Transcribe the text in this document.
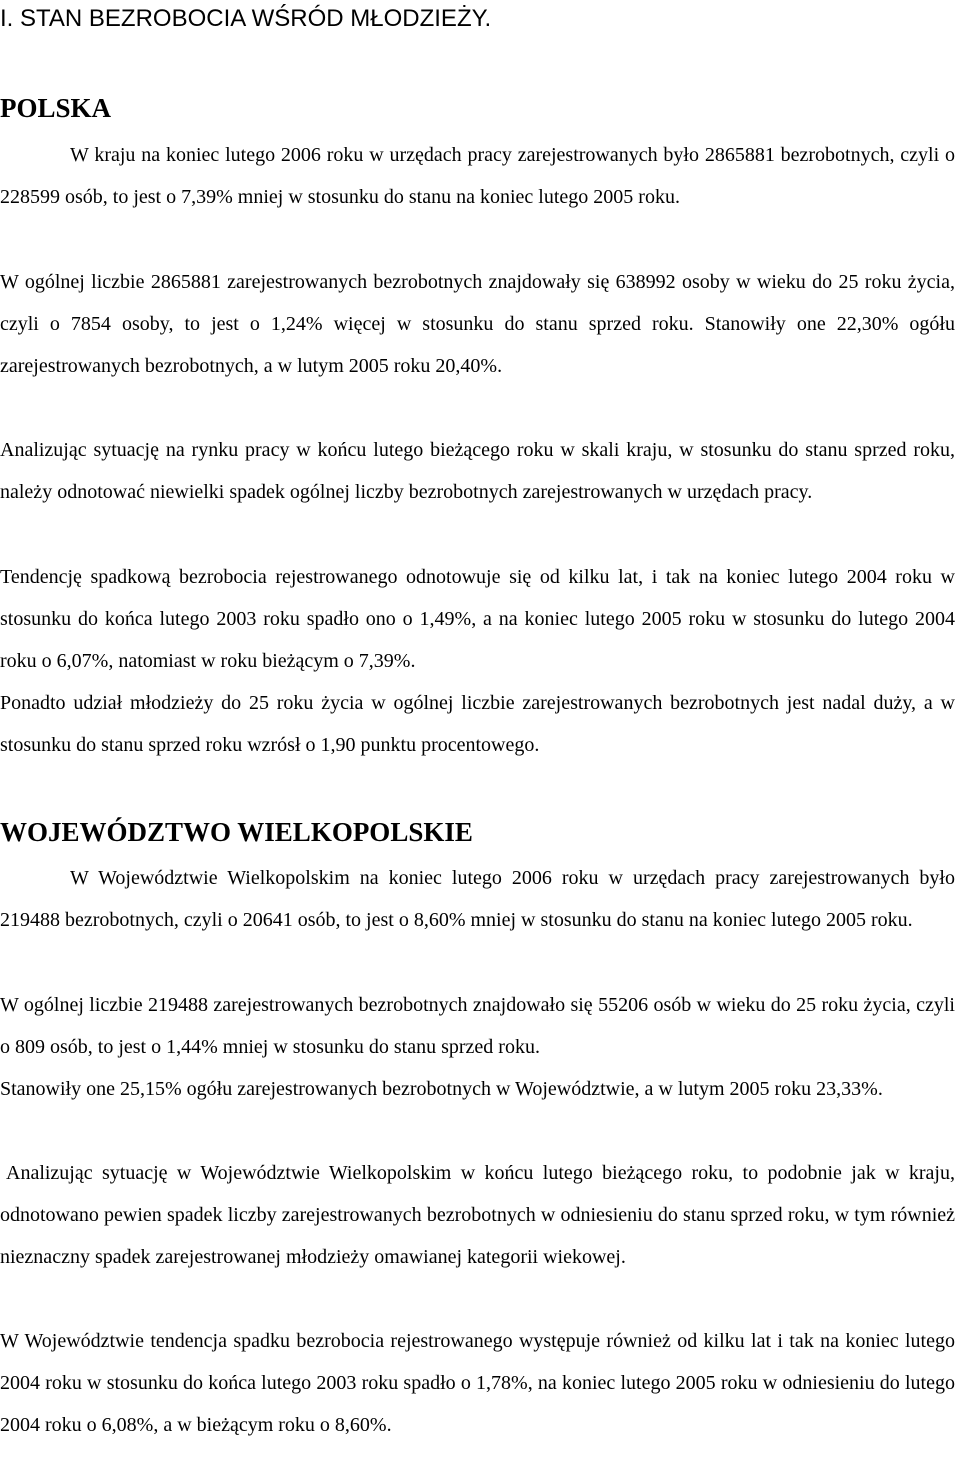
I. STAN BEZROBOCIA WŚRÓD MŁODZIEŻY.
POLSKA

W kraju na koniec lutego 2006 roku w urzędach pracy zarejestrowanych było 2865881 bezrobotnych, czyli o 228599 osób, to jest o 7,39% mniej w stosunku do stanu na koniec lutego 2005 roku.

W ogólnej liczbie 2865881 zarejestrowanych bezrobotnych znajdowały się 638992 osoby w wieku do 25 roku życia, czyli o 7854 osoby, to jest o 1,24% więcej w stosunku do stanu sprzed roku. Stanowiły one 22,30% ogółu zarejestrowanych bezrobotnych, a w lutym 2005 roku 20,40%.

Analizując sytuację na rynku pracy w końcu lutego bieżącego roku w skali kraju, w stosunku do stanu sprzed roku, należy odnotować niewielki spadek ogólnej liczby bezrobotnych zarejestrowanych w urzędach pracy.

Tendencję spadkową bezrobocia rejestrowanego odnotowuje się od kilku lat, i tak na koniec lutego 2004 roku w stosunku do końca lutego 2003 roku spadło ono o 1,49%, a na koniec lutego 2005 roku w stosunku do lutego 2004 roku o 6,07%, natomiast w roku bieżącym o 7,39%.

Ponadto udział młodzieży do 25 roku życia w ogólnej liczbie zarejestrowanych bezrobotnych jest nadal duży, a w stosunku do stanu sprzed roku wzrósł o 1,90 punktu procentowego.

WOJEWÓDZTWO WIELKOPOLSKIE

W Województwie Wielkopolskim na koniec lutego 2006 roku w urzędach pracy zarejestrowanych było 219488 bezrobotnych, czyli o 20641 osób, to jest o 8,60% mniej w stosunku do stanu na koniec lutego 2005 roku.

W ogólnej liczbie 219488 zarejestrowanych bezrobotnych znajdowało się 55206 osób w wieku do 25 roku życia, czyli o 809 osób, to jest o 1,44% mniej w stosunku do stanu sprzed roku.

Stanowiły one 25,15% ogółu zarejestrowanych bezrobotnych w Województwie, a w lutym 2005 roku 23,33%.

Analizując sytuację w Województwie Wielkopolskim w końcu lutego bieżącego roku, to podobnie jak w kraju, odnotowano pewien spadek liczby zarejestrowanych bezrobotnych w odniesieniu do stanu sprzed roku, w tym również nieznaczny spadek zarejestrowanej młodzieży omawianej kategorii wiekowej.

W Województwie tendencja spadku bezrobocia rejestrowanego występuje również od kilku lat i tak na koniec lutego 2004 roku w stosunku do końca lutego 2003 roku spadło o 1,78%, na koniec lutego 2005 roku w odniesieniu do lutego 2004 roku o 6,08%, a w bieżącym roku o 8,60%.
